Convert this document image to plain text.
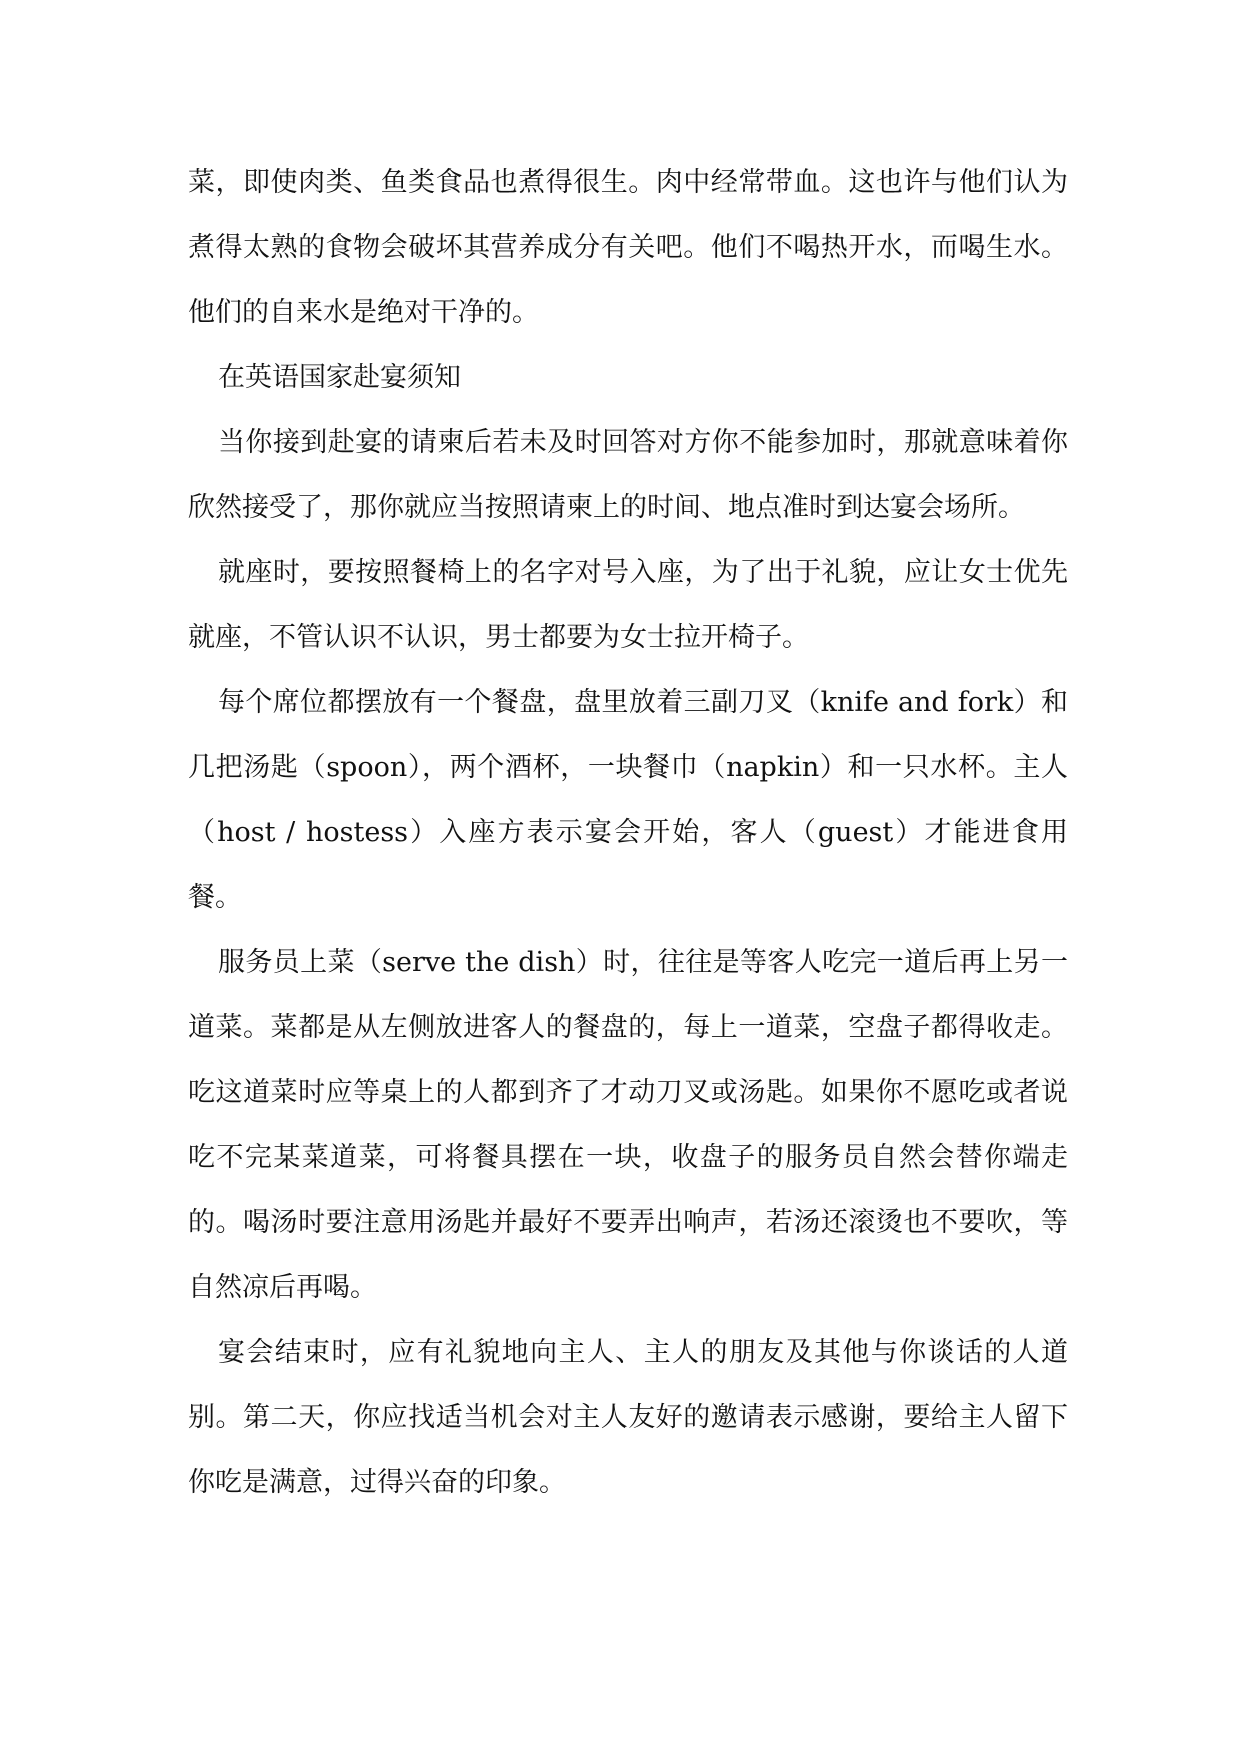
菜，即使肉类、鱼类食品也煮得很生。肉中经常带血。这也许与他们认为煮得太熟的食物会破坏其营养成分有关吧。他们不喝热开水，而喝生水。他们的自来水是绝对干净的。

在英语国家赴宴须知

当你接到赴宴的请柬后若未及时回答对方你不能参加时，那就意味着你欣然接受了，那你就应当按照请柬上的时间、地点准时到达宴会场所。

就座时，要按照餐椅上的名字对号入座，为了出于礼貌，应让女士优先就座，不管认识不认识，男士都要为女士拉开椅子。

每个席位都摆放有一个餐盘，盘里放着三副刀叉（knife and fork）和几把汤匙（spoon），两个酒杯，一块餐巾（napkin）和一只水杯。主人（host / hostess）入座方表示宴会开始，客人（guest）才能进食用餐。

服务员上菜（serve the dish）时，往往是等客人吃完一道后再上另一道菜。菜都是从左侧放进客人的餐盘的，每上一道菜，空盘子都得收走。吃这道菜时应等桌上的人都到齐了才动刀叉或汤匙。如果你不愿吃或者说吃不完某菜道菜，可将餐具摆在一块，收盘子的服务员自然会替你端走的。喝汤时要注意用汤匙并最好不要弄出响声，若汤还滚烫也不要吹，等自然凉后再喝。

宴会结束时，应有礼貌地向主人、主人的朋友及其他与你谈话的人道别。第二天，你应找适当机会对主人友好的邀请表示感谢，要给主人留下你吃是满意，过得兴奋的印象。
